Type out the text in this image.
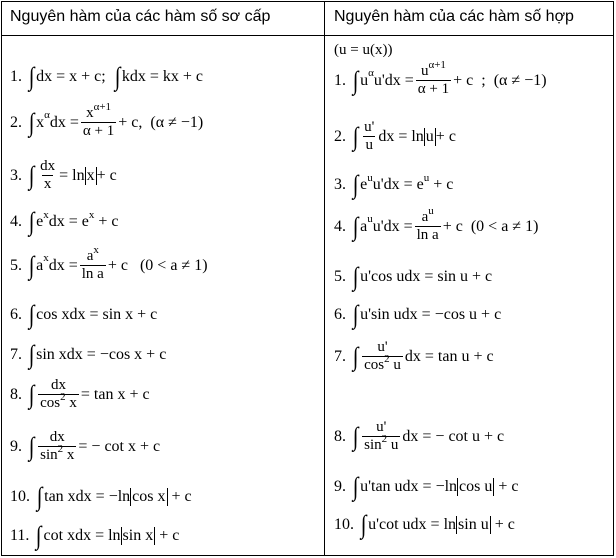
Nguyên hàm của các hàm số sơ cấp	Nguyên hàm của các hàm số hợp
(u = u(x))
1. ∫ dx = x + c; ∫ kdx = kx + c
2. ∫ x α dx = $\frac{x^{\alpha+1}}{\alpha + 1} + c$,  (α ≠ −1)
3. ∫ $\frac{dx}{x} = \ln x + c$
4. ∫ e x dx = e x + c
5. ∫ a x dx = $\frac{a^x}{\text{ln a}} + c$   (0 < a ≠ 1)
6. ∫ cos xdx = sin x + c
7. ∫ sin xdx = −cos x + c
8. ∫ $\frac{dx}{\cos^2 x} = \tan x + c$
9. ∫ $\frac{dx}{\sin^2 x}$ = − cot x + c
10. ∫ tan xdx = −ln cos x + c
11. ∫ cot xdx = ln sin x + c
1. ∫ u α $u'dx = \frac{u^{\alpha+1}}{\alpha + 1} + c$  ;  (α ≠ −1)
2. ∫ $\frac{u'}{u}$ dx = ln u + c
3. ∫ e u u'dx = e u + c
4. ∫ a u $u'dx = \frac{a^u}{\text{ln a}} + c$  (0 < a ≠ 1)
5. ∫ u'cos udx = sin u + c
6. ∫ u'sin udx = −cos u + c
7. ∫ $\frac{u'}{\cos^2 u}$ dx = tan u + c
8. ∫ $\frac{u'}{\sin^2 u}$ dx = − cot u + c
9. ∫ u'tan udx = −ln cos u + c
10. ∫ u'cot udx = ln sin u + c
